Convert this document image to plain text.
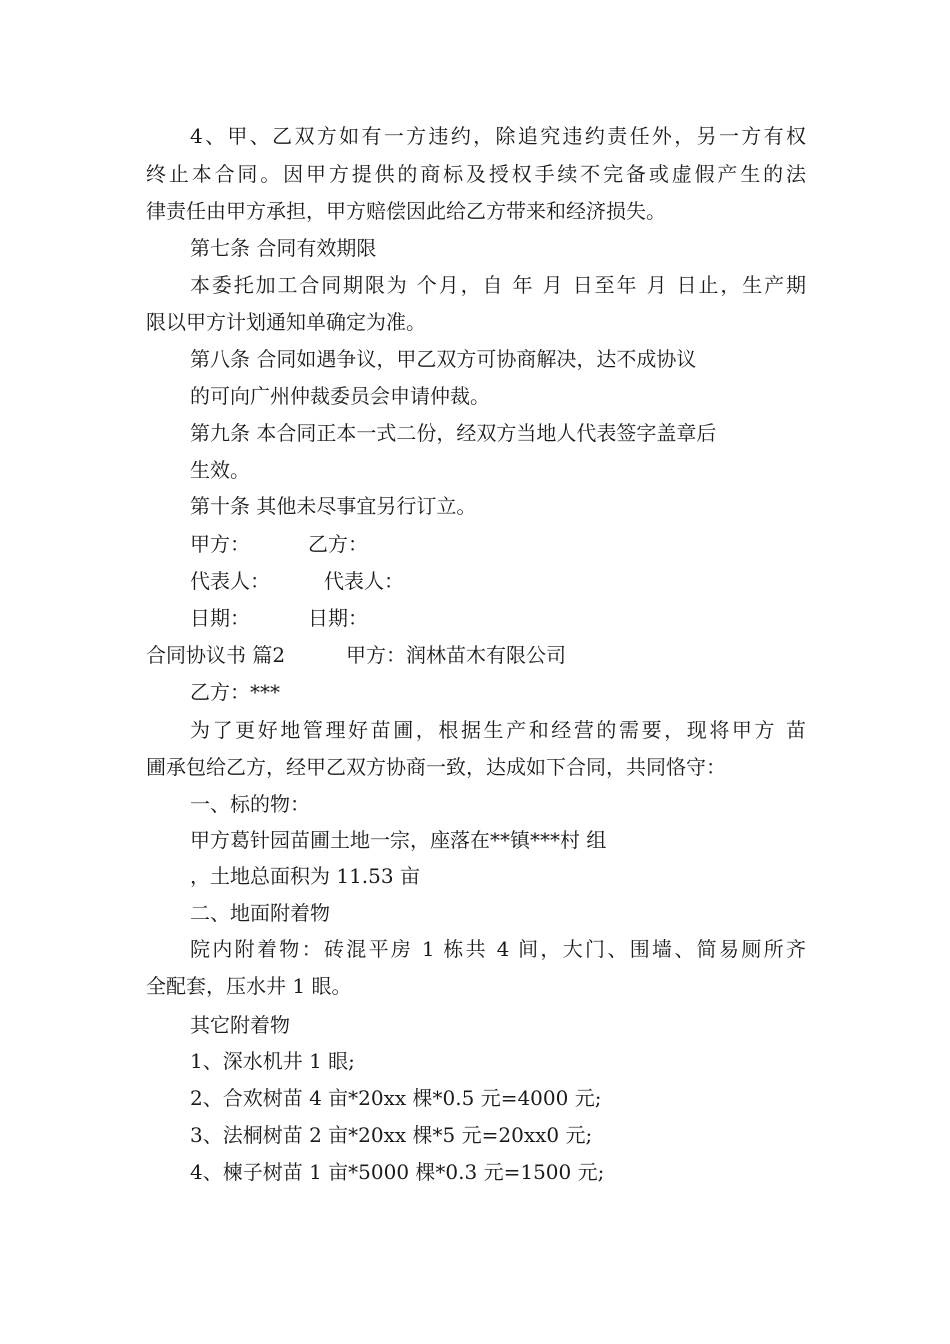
4、甲、乙双方如有一方违约，除追究违约责任外，另一方有权
终止本合同。因甲方提供的商标及授权手续不完备或虚假产生的法
律责任由甲方承担，甲方赔偿因此给乙方带来和经济损失。
第七条 合同有效期限
本委托加工合同期限为 个月，自 年 月 日至年 月 日止，生产期
限以甲方计划通知单确定为准。
第八条 合同如遇争议，甲乙双方可协商解决，达不成协议
的可向广州仲裁委员会申请仲裁。
第九条 本合同正本一式二份，经双方当地人代表签字盖章后
生效。
第十条 其他未尽事宜另行订立。
甲方：	乙方：
代表人：	代表人：
日期：	日期：
合同协议书 篇2	甲方：润林苗木有限公司
乙方：***
为了更好地管理好苗圃，根据生产和经营的需要，现将甲方 苗
圃承包给乙方，经甲乙双方协商一致，达成如下合同，共同恪守：
一、标的物：
甲方葛针园苗圃土地一宗，座落在**镇***村 组
，土地总面积为 11.53 亩
二、地面附着物
院内附着物：砖混平房 1 栋共 4 间，大门、围墙、简易厕所齐
全配套，压水井 1 眼。
其它附着物
1、深水机井 1 眼;
2、合欢树苗 4 亩*20xx 棵*0.5 元=4000 元;
3、法桐树苗 2 亩*20xx 棵*5 元=20xx0 元;
4、楝子树苗 1 亩*5000 棵*0.3 元=1500 元;
